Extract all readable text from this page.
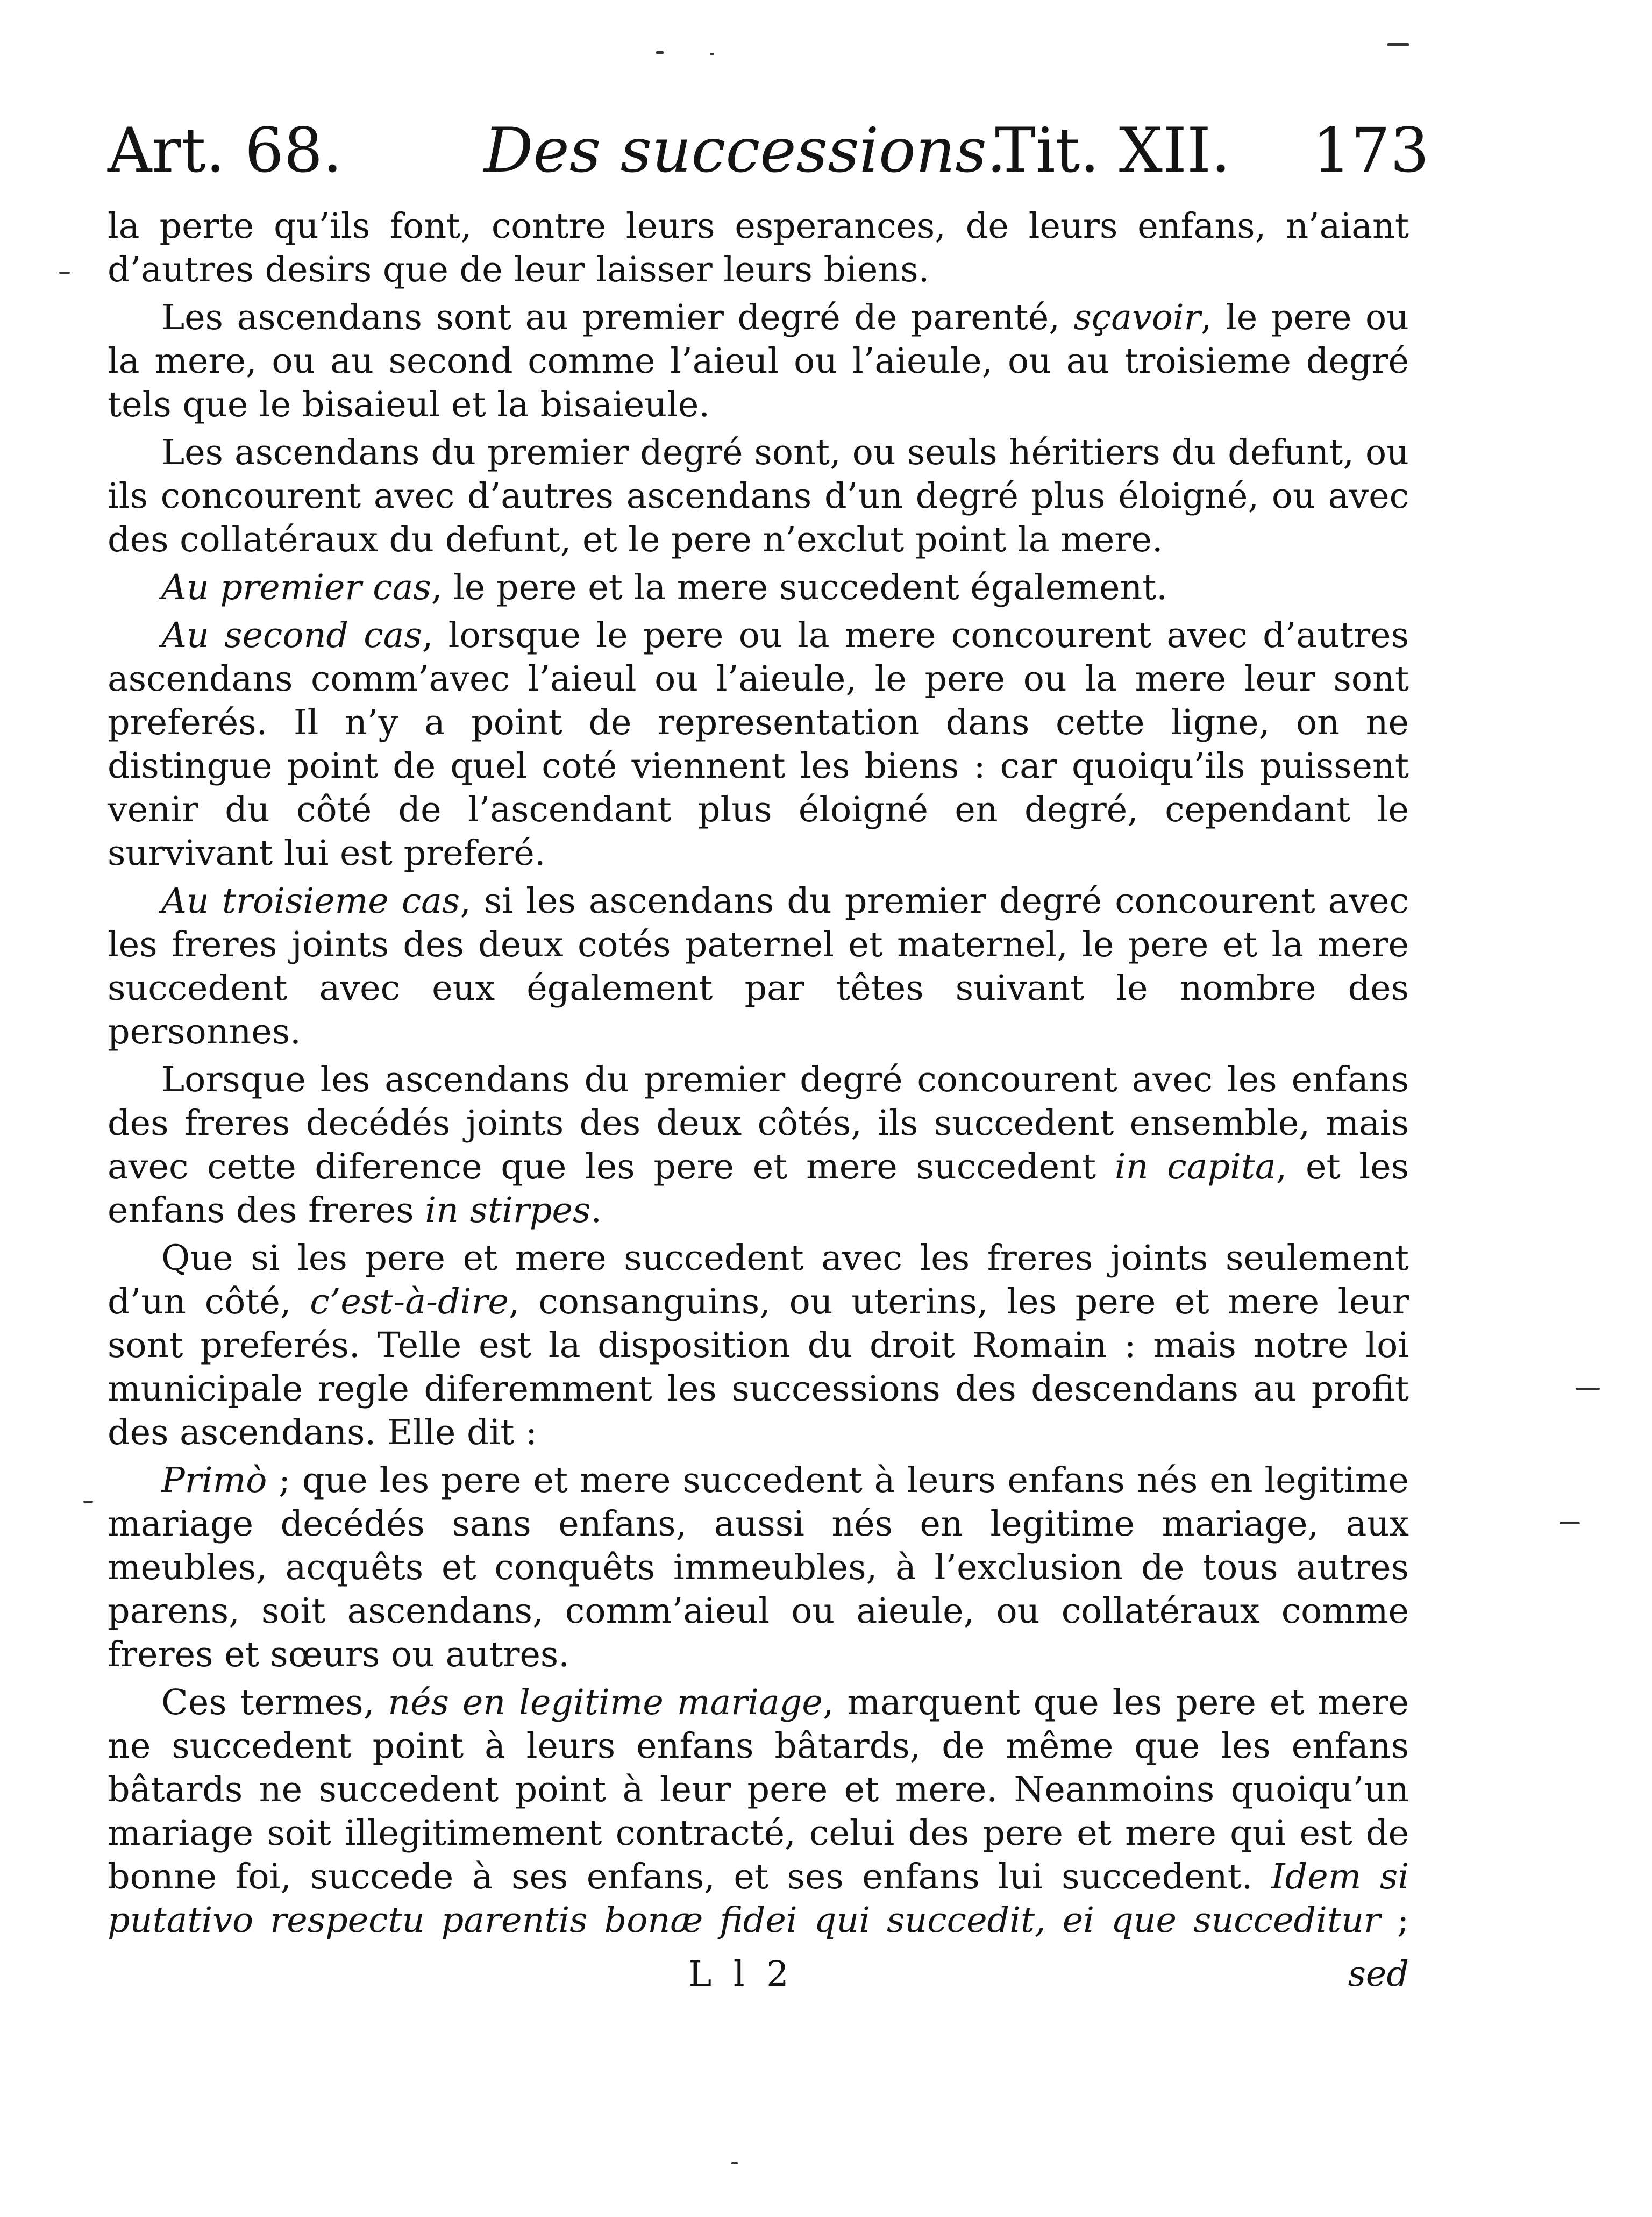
Art. 68. Des successions.
Tit. XII. 173

la perte qu’ils font, contre leurs esperances, de leurs enfans, n’aiant d’autres desirs que de leur laisser leurs biens.

Les ascendans sont au premier degré de parenté, sçavoir, le pere ou la mere, ou au second comme l’aieul ou l’aieule, ou au troisieme degré tels que le bisaieul et la bisaieule.

Les ascendans du premier degré sont, ou seuls héritiers du defunt, ou ils concourent avec d’autres ascendans d’un degré plus éloigné, ou avec des collatéraux du defunt, et le pere n’exclut point la mere.

Au premier cas, le pere et la mere succedent également.

Au second cas, lorsque le pere ou la mere concourent avec d’autres ascendans comm’avec l’aieul ou l’aieule, le pere ou la mere leur sont preferés. Il n’y a point de representation dans cette ligne, on ne distingue point de quel coté viennent les biens : car quoiqu’ils puissent venir du côté de l’ascendant plus éloigné en degré, cependant le survivant lui est preferé.

Au troisieme cas, si les ascendans du premier degré concourent avec les freres joints des deux cotés paternel et maternel, le pere et la mere succedent avec eux également par têtes suivant le nombre des personnes.

Lorsque les ascendans du premier degré concourent avec les enfans des freres decédés joints des deux côtés, ils succedent ensemble, mais avec cette diference que les pere et mere succedent in capita, et les enfans des freres in stirpes.

Que si les pere et mere succedent avec les freres joints seulement d’un côté, c’est-à-dire, consanguins, ou uterins, les pere et mere leur sont preferés. Telle est la disposition du droit Romain : mais notre loi municipale regle diferemment les successions des descendans au profit des ascendans. Elle dit :

Primò ; que les pere et mere succedent à leurs enfans nés en legitime mariage decédés sans enfans, aussi nés en legitime mariage, aux meubles, acquêts et conquêts immeubles, à l’exclusion de tous autres parens, soit ascendans, comm’aieul ou aieule, ou collatéraux comme freres et sœurs ou autres.

Ces termes, nés en legitime mariage, marquent que les pere et mere ne succedent point à leurs enfans bâtards, de même que les enfans bâtards ne succedent point à leur pere et mere. Neanmoins quoiqu’un mariage soit illegitimement contracté, celui des pere et mere qui est de bonne foi, succede à ses enfans, et ses enfans lui succedent. Idem si putativo respectu parentis bonæ fidei qui succedit, ei que succeditur ;

L l 2	sed
